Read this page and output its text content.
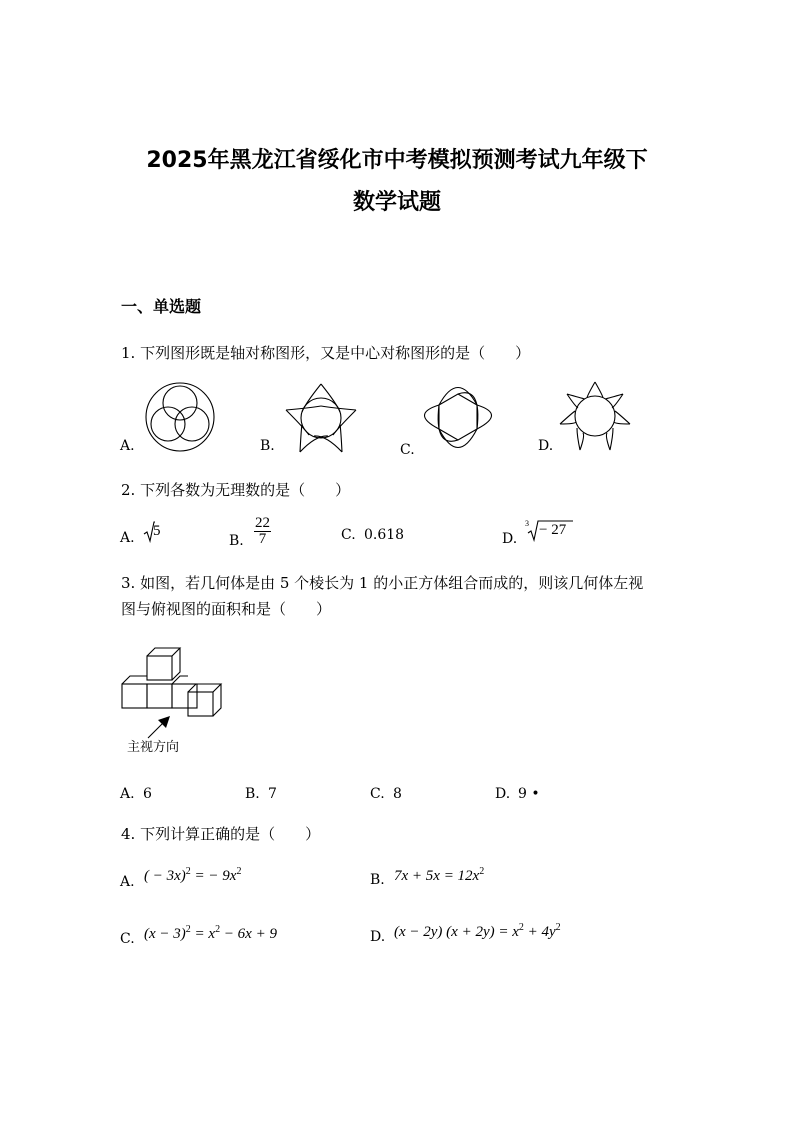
2025年黑龙江省绥化市中考模拟预测考试九年级下
数学试题
一、单选题
1. 下列图形既是轴对称图形，又是中心对称图形的是（　　）
A.	B.	C.	D.
2. 下列各数为无理数的是（　　）
A. 5
B. $\frac{22}{7}$	C. 0.618	D.
3 − 27
3. 如图，若几何体是由 5 个棱长为 1 的小正方体组合而成的，则该几何体左视
图与俯视图的面积和是（　　）
主视方向
A. 6	B. 7	C. 8	D. 9 •
4. 下列计算正确的是（　　）
A. ( − 3x)$^2$ = − $9x^2$
B. $7x + 5x = 12x^2$
C. $(x - 3)^2 = x^2 - 6x + 9$	D. (x − 2y) $(x + 2y) = x^2 + 4y^2$
